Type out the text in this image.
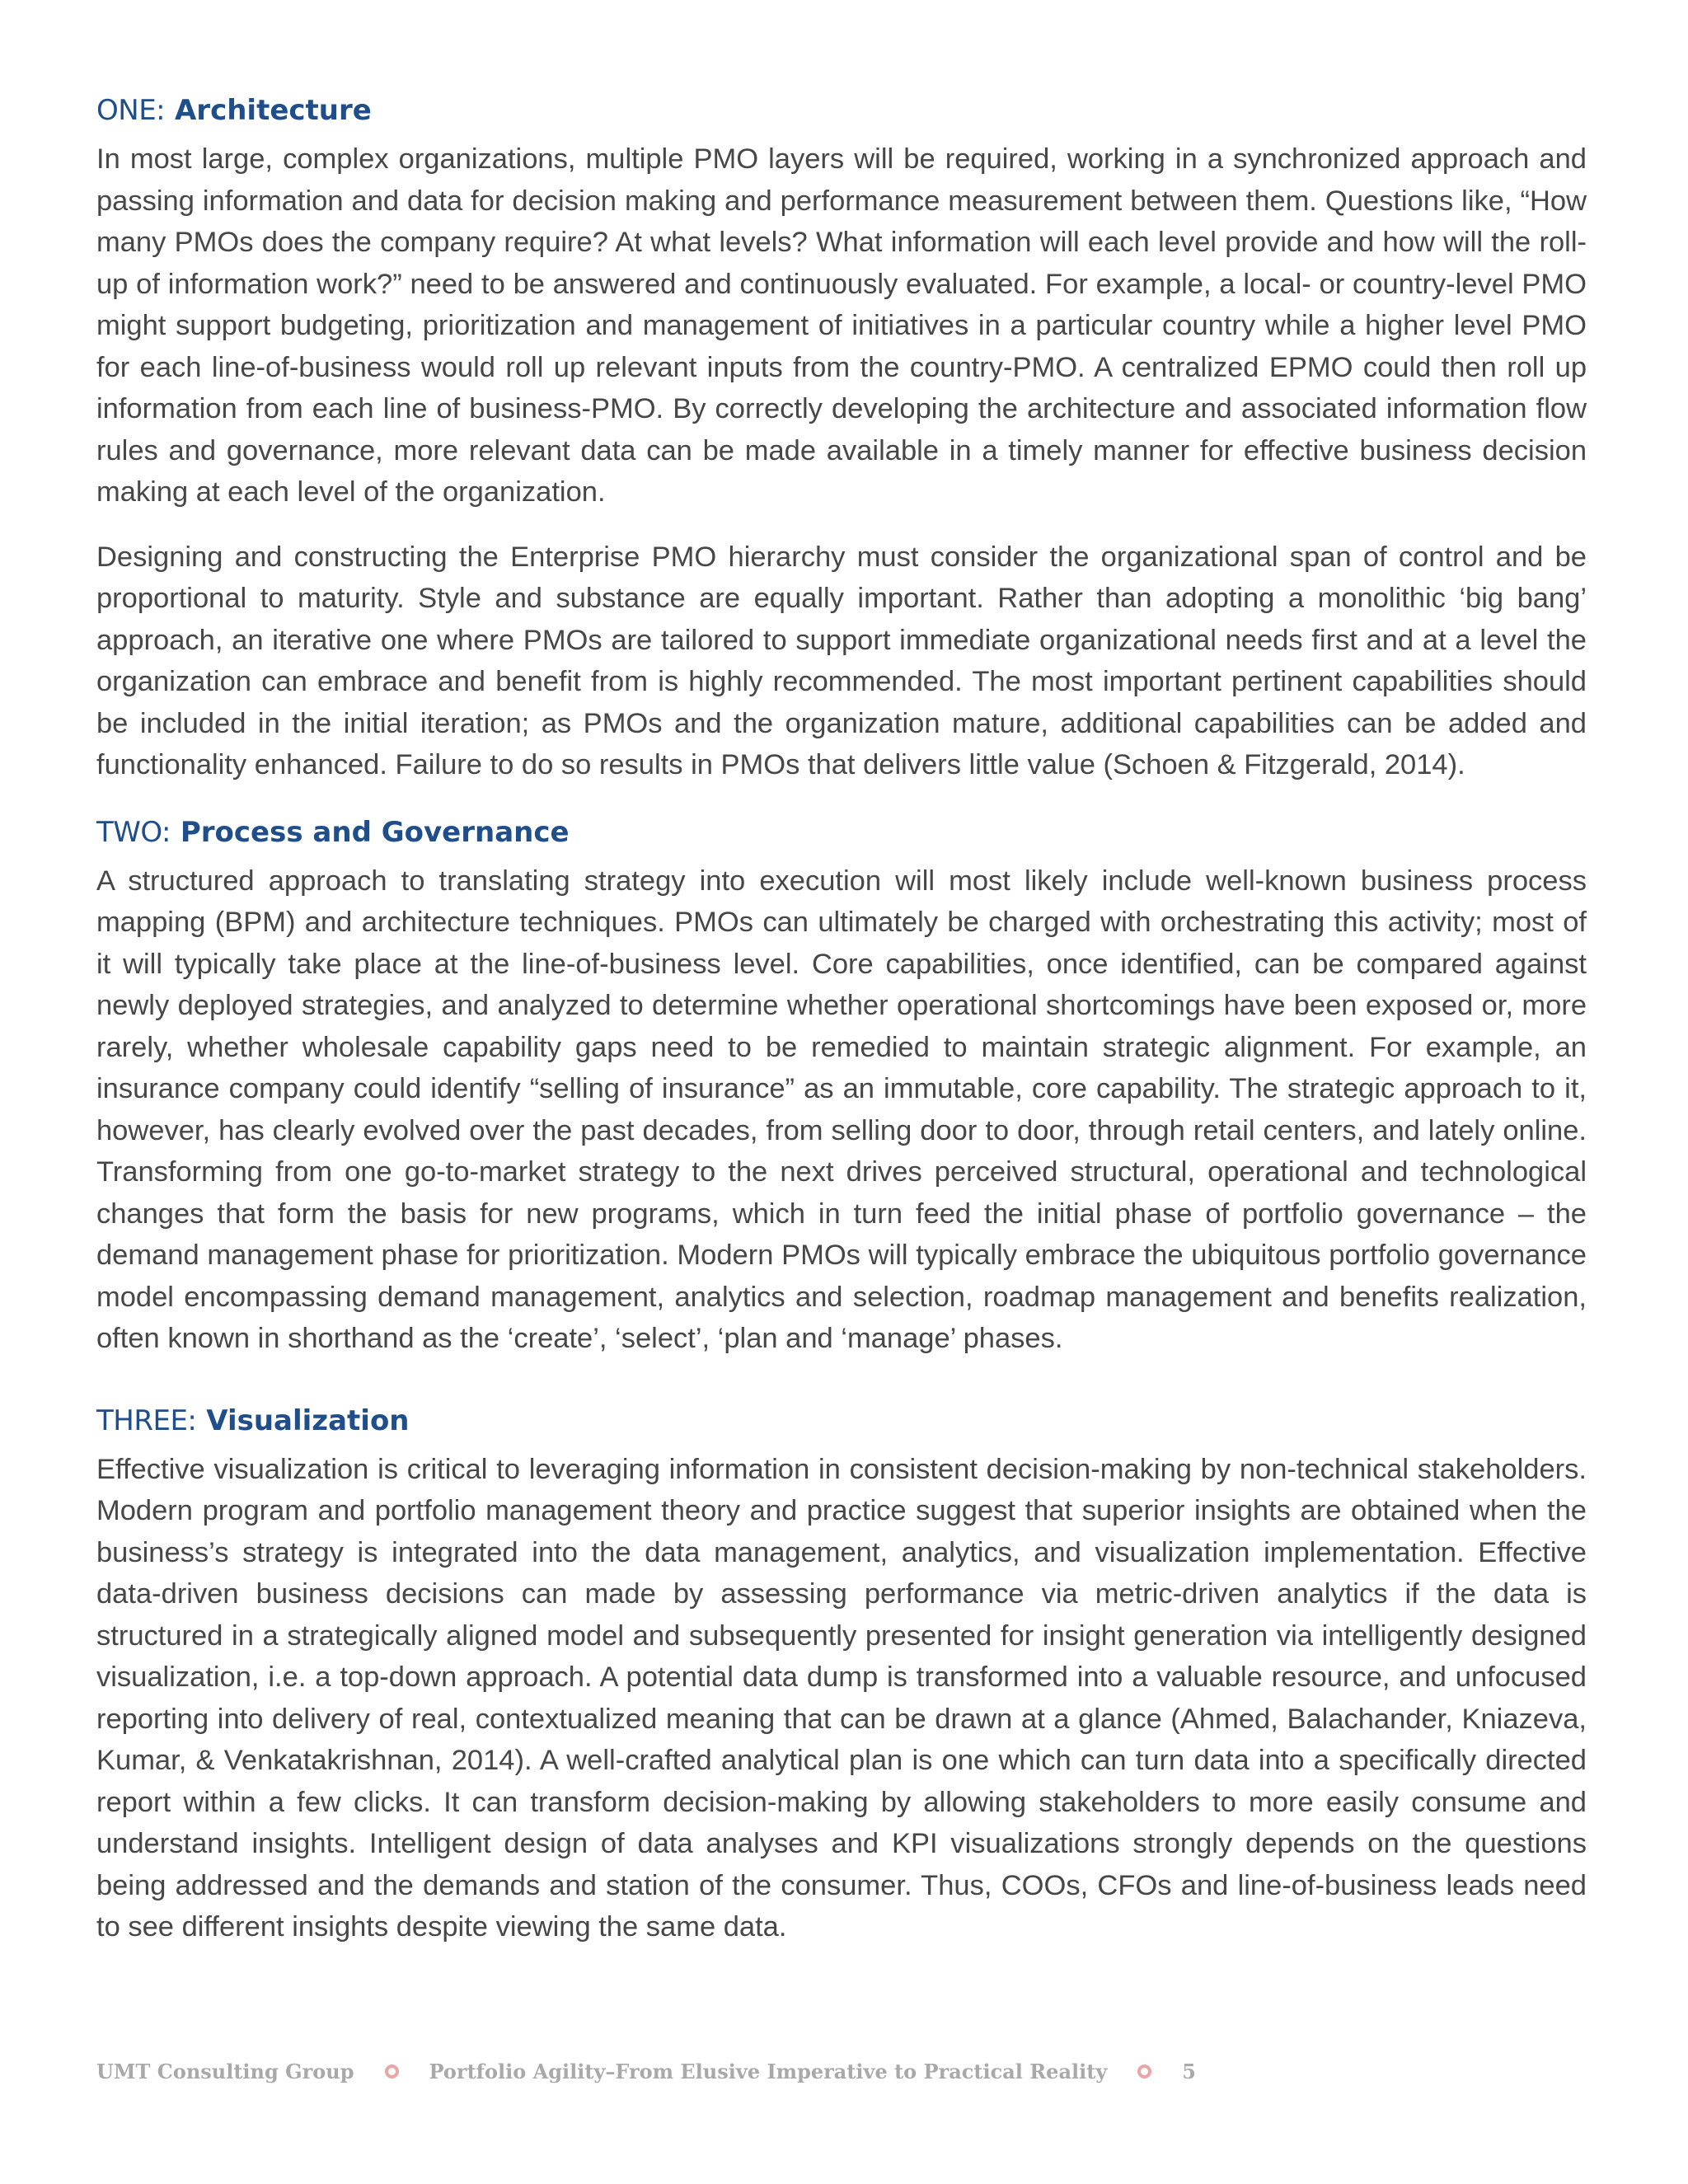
ONE: Architecture

In most large, complex organizations, multiple PMO layers will be required, working in a synchronized approach and passing information and data for decision making and performance measurement between them. Questions like, “How many PMOs does the company require? At what levels? What information will each level provide and how will the roll-up of information work?” need to be answered and continuously evaluated. For example, a local- or country-level PMO might support budgeting, prioritization and management of initiatives in a particular country while a higher level PMO for each line-of-business would roll up relevant inputs from the country-PMO. A centralized EPMO could then roll up information from each line of business-PMO. By correctly developing the architecture and associated information flow rules and governance, more relevant data can be made available in a timely manner for effective business decision making at each level of the organization.

Designing and constructing the Enterprise PMO hierarchy must consider the organizational span of control and be proportional to maturity. Style and substance are equally important. Rather than adopting a monolithic ‘big bang’ approach, an iterative one where PMOs are tailored to support immediate organizational needs first and at a level the organization can embrace and benefit from is highly recommended. The most important pertinent capabilities should be included in the initial iteration; as PMOs and the organization mature, additional capabilities can be added and functionality enhanced. Failure to do so results in PMOs that delivers little value (Schoen & Fitzgerald, 2014).

TWO: Process and Governance

A structured approach to translating strategy into execution will most likely include well-known business process mapping (BPM) and architecture techniques. PMOs can ultimately be charged with orchestrating this activity; most of it will typically take place at the line-of-business level. Core capabilities, once identified, can be compared against newly deployed strategies, and analyzed to determine whether operational shortcomings have been exposed or, more rarely, whether wholesale capability gaps need to be remedied to maintain strategic alignment. For example, an insurance company could identify “selling of insurance” as an immutable, core capability. The strategic approach to it, however, has clearly evolved over the past decades, from selling door to door, through retail centers, and lately online. Transforming from one go-to-market strategy to the next drives perceived structural, operational and technological changes that form the basis for new programs, which in turn feed the initial phase of portfolio governance – the demand management phase for prioritization. Modern PMOs will typically embrace the ubiquitous portfolio governance model encompassing demand management, analytics and selection, roadmap management and benefits realization, often known in shorthand as the ‘create’, ‘select’, ‘plan and ‘manage’ phases.

THREE: Visualization

Effective visualization is critical to leveraging information in consistent decision-making by non-technical stakeholders. Modern program and portfolio management theory and practice suggest that superior insights are obtained when the business’s strategy is integrated into the data management, analytics, and visualization implementation. Effective data-driven business decisions can made by assessing performance via metric-driven analytics if the data is structured in a strategically aligned model and subsequently presented for insight generation via intelligently designed visualization, i.e. a top-down approach. A potential data dump is transformed into a valuable resource, and unfocused reporting into delivery of real, contextualized meaning that can be drawn at a glance (Ahmed, Balachander, Kniazeva, Kumar, & Venkatakrishnan, 2014). A well-crafted analytical plan is one which can turn data into a specifically directed report within a few clicks. It can transform decision-making by allowing stakeholders to more easily consume and understand insights. Intelligent design of data analyses and KPI visualizations strongly depends on the questions being addressed and the demands and station of the consumer. Thus, COOs, CFOs and line-of-business leads need to see different insights despite viewing the same data.

UMT Consulting Group	Portfolio Agility–From Elusive Imperative to Practical Reality	5
